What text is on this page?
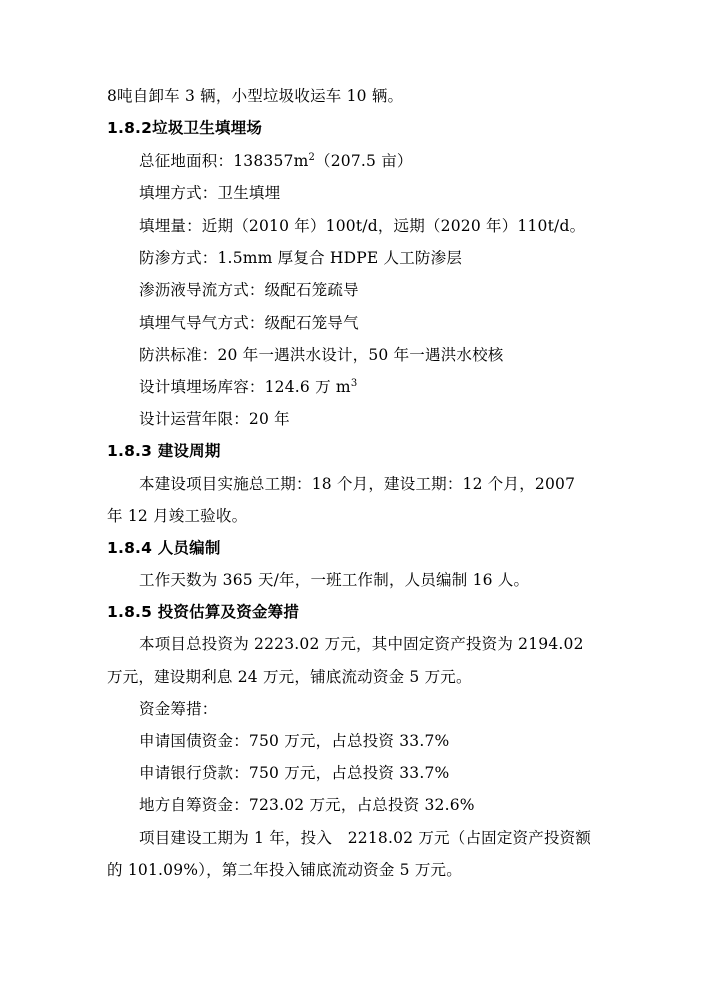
8吨自卸车 3 辆，小型垃圾收运车 10 辆。
1.8.2垃圾卫生填埋场
总征地面积：$138357m^2(207.5$ 亩）
填埋方式：卫生填埋
填埋量：近期（2010 年）100t/d，远期（2020 年）110t/d。
防渗方式：1.5mm 厚复合 HDPE 人工防渗层
渗沥液导流方式：级配石笼疏导
填埋气导气方式：级配石笼导气
防洪标准：20 年一遇洪水设计，50 年一遇洪水校核
设计填埋场库容：124.6 万 $m^3$
设计运营年限：20 年
1.8.3 建设周期
本建设项目实施总工期：18 个月，建设工期：12 个月，2007
年 12 月竣工验收。
1.8.4 人员编制
工作天数为 365 天/年，一班工作制，人员编制 16 人。
1.8.5 投资估算及资金筹措
本项目总投资为 2223.02 万元，其中固定资产投资为 2194.02
万元，建设期利息 24 万元，铺底流动资金 5 万元。
资金筹措：
申请国债资金：750 万元，占总投资 33.7%
申请银行贷款：750 万元，占总投资 33.7%
地方自筹资金：723.02 万元，占总投资 32.6%
项目建设工期为 1 年，投入　2218.02 万元（占固定资产投资额
的 101.09%），第二年投入铺底流动资金 5 万元。
